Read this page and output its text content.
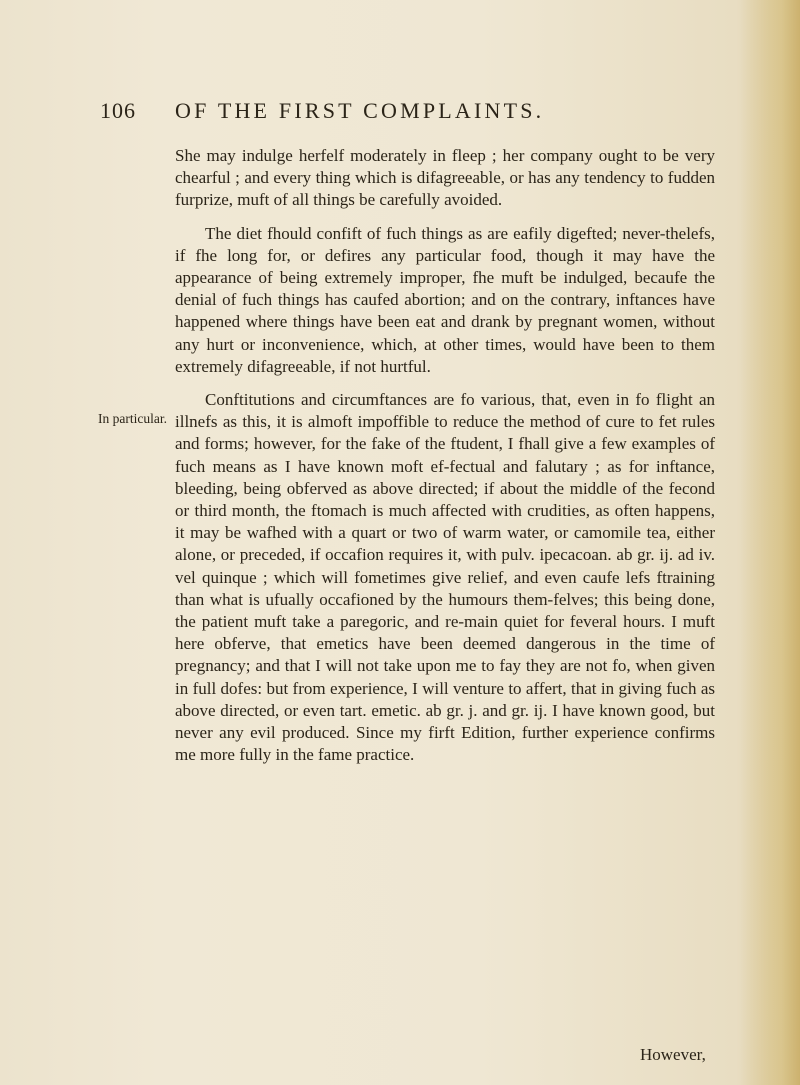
106 OF THE FIRST COMPLAINTS.
In particular.

She may indulge herfelf moderately in fleep ; her company ought to be very chearful ; and every thing which is difagreeable, or has any tendency to fudden furprize, muft of all things be carefully avoided.

The diet fhould confift of fuch things as are eafily digefted; never-thelefs, if fhe long for, or defires any particular food, though it may have the appearance of being extremely improper, fhe muft be indulged, becaufe the denial of fuch things has caufed abortion; and on the contrary, inftances have happened where things have been eat and drank by pregnant women, without any hurt or inconvenience, which, at other times, would have been to them extremely difagreeable, if not hurtful.

Conftitutions and circumftances are fo various, that, even in fo flight an illnefs as this, it is almoft impoffible to reduce the method of cure to fet rules and forms; however, for the fake of the ftudent, I fhall give a few examples of fuch means as I have known moft ef-fectual and falutary ; as for inftance, bleeding, being obferved as above directed; if about the middle of the fecond or third month, the ftomach is much affected with crudities, as often happens, it may be wafhed with a quart or two of warm water, or camomile tea, either alone, or preceded, if occafion requires it, with pulv. ipecacoan. ab gr. ij. ad iv. vel quinque ; which will fometimes give relief, and even caufe lefs ftraining than what is ufually occafioned by the humours them-felves; this being done, the patient muft take a paregoric, and re-main quiet for feveral hours. I muft here obferve, that emetics have been deemed dangerous in the time of pregnancy; and that I will not take upon me to fay they are not fo, when given in full dofes: but from experience, I will venture to affert, that in giving fuch as above directed, or even tart. emetic. ab gr. j. and gr. ij. I have known good, but never any evil produced. Since my firft Edition, further experience confirms me more fully in the fame practice.

However,
